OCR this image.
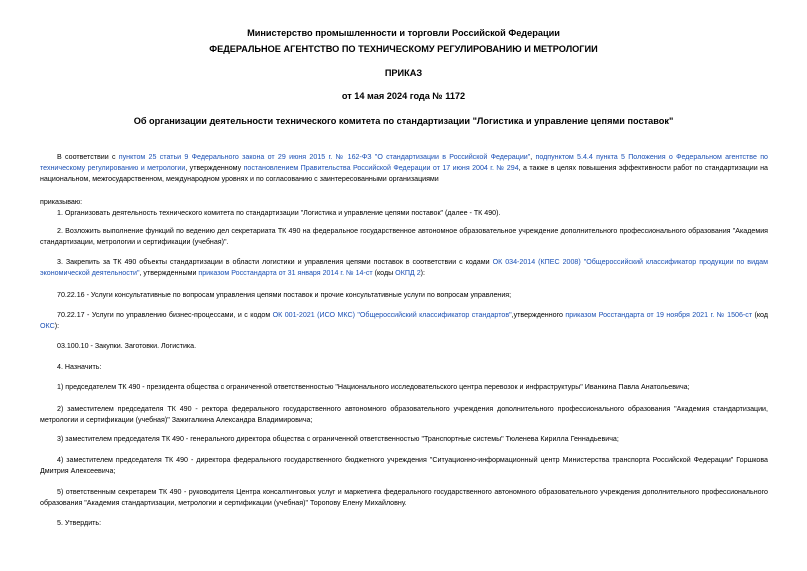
Министерство промышленности и торговли Российской Федерации
ФЕДЕРАЛЬНОЕ АГЕНТСТВО ПО ТЕХНИЧЕСКОМУ РЕГУЛИРОВАНИЮ И МЕТРОЛОГИИ
ПРИКАЗ
от 14 мая 2024 года № 1172
Об организации деятельности технического комитета по стандартизации "Логистика и управление цепями поставок"
В соответствии с пунктом 25 статьи 9 Федерального закона от 29 июня 2015 г. № 162-ФЗ "О стандартизации в Российской Федерации", подпунктом 5.4.4 пункта 5 Положения о Федеральном агентстве по техническому регулированию и метрологии, утвержденному постановлением Правительства Российской Федерации от 17 июня 2004 г. № 294, а также в целях повышения эффективности работ по стандартизации на национальном, межгосударственном, международном уровнях и по согласованию с заинтересованными организациями
приказываю:
1. Организовать деятельность технического комитета по стандартизации "Логистика и управление цепями поставок" (далее - ТК 490).
2. Возложить выполнение функций по ведению дел секретариата ТК 490 на федеральное государственное автономное образовательное учреждение дополнительного профессионального образования "Академия стандартизации, метрологии и сертификации (учебная)".
3. Закрепить за ТК 490 объекты стандартизации в области логистики и управления цепями поставок в соответствии с кодами ОК 034-2014 (КПЕС 2008) "Общероссийский классификатор продукции по видам экономической деятельности", утвержденными приказом Росстандарта от 31 января 2014 г. № 14-ст (коды ОКПД 2):
70.22.16 - Услуги консультативные по вопросам управления цепями поставок и прочие консультативные услуги по вопросам управления;
70.22.17 - Услуги по управлению бизнес-процессами, и с кодом ОК 001-2021 (ИСО МКС) "Общероссийский классификатор стандартов",утвержденного приказом Росстандарта от 19 ноября 2021 г. № 1506-ст (код ОКС):
03.100.10 - Закупки. Заготовки. Логистика.
4. Назначить:
1) председателем ТК 490 - президента общества с ограниченной ответственностью "Национального исследовательского центра перевозок и инфраструктуры" Иванкина Павла Анатольевича;
2) заместителем председателя ТК 490 - ректора федерального государственного автономного образовательного учреждения дополнительного профессионального образования "Академия стандартизации, метрологии и сертификации (учебная)" Зажигалкина Александра Владимировича;
3) заместителем председателя ТК 490 - генерального директора общества с ограниченной ответственностью "Транспортные системы" Тюленева Кирилла Геннадьевича;
4) заместителем председателя ТК 490 - директора федерального государственного бюджетного учреждения "Ситуационно-информационный центр Министерства транспорта Российской Федерации" Горшкова Дмитрия Алексеевича;
5) ответственным секретарем ТК 490 - руководителя Центра консалтинговых услуг и маркетинга федерального государственного автономного образовательного учреждения дополнительного профессионального образования "Академия стандартизации, метрологии и сертификации (учебная)" Торопову Елену Михайловну.
5. Утвердить:
